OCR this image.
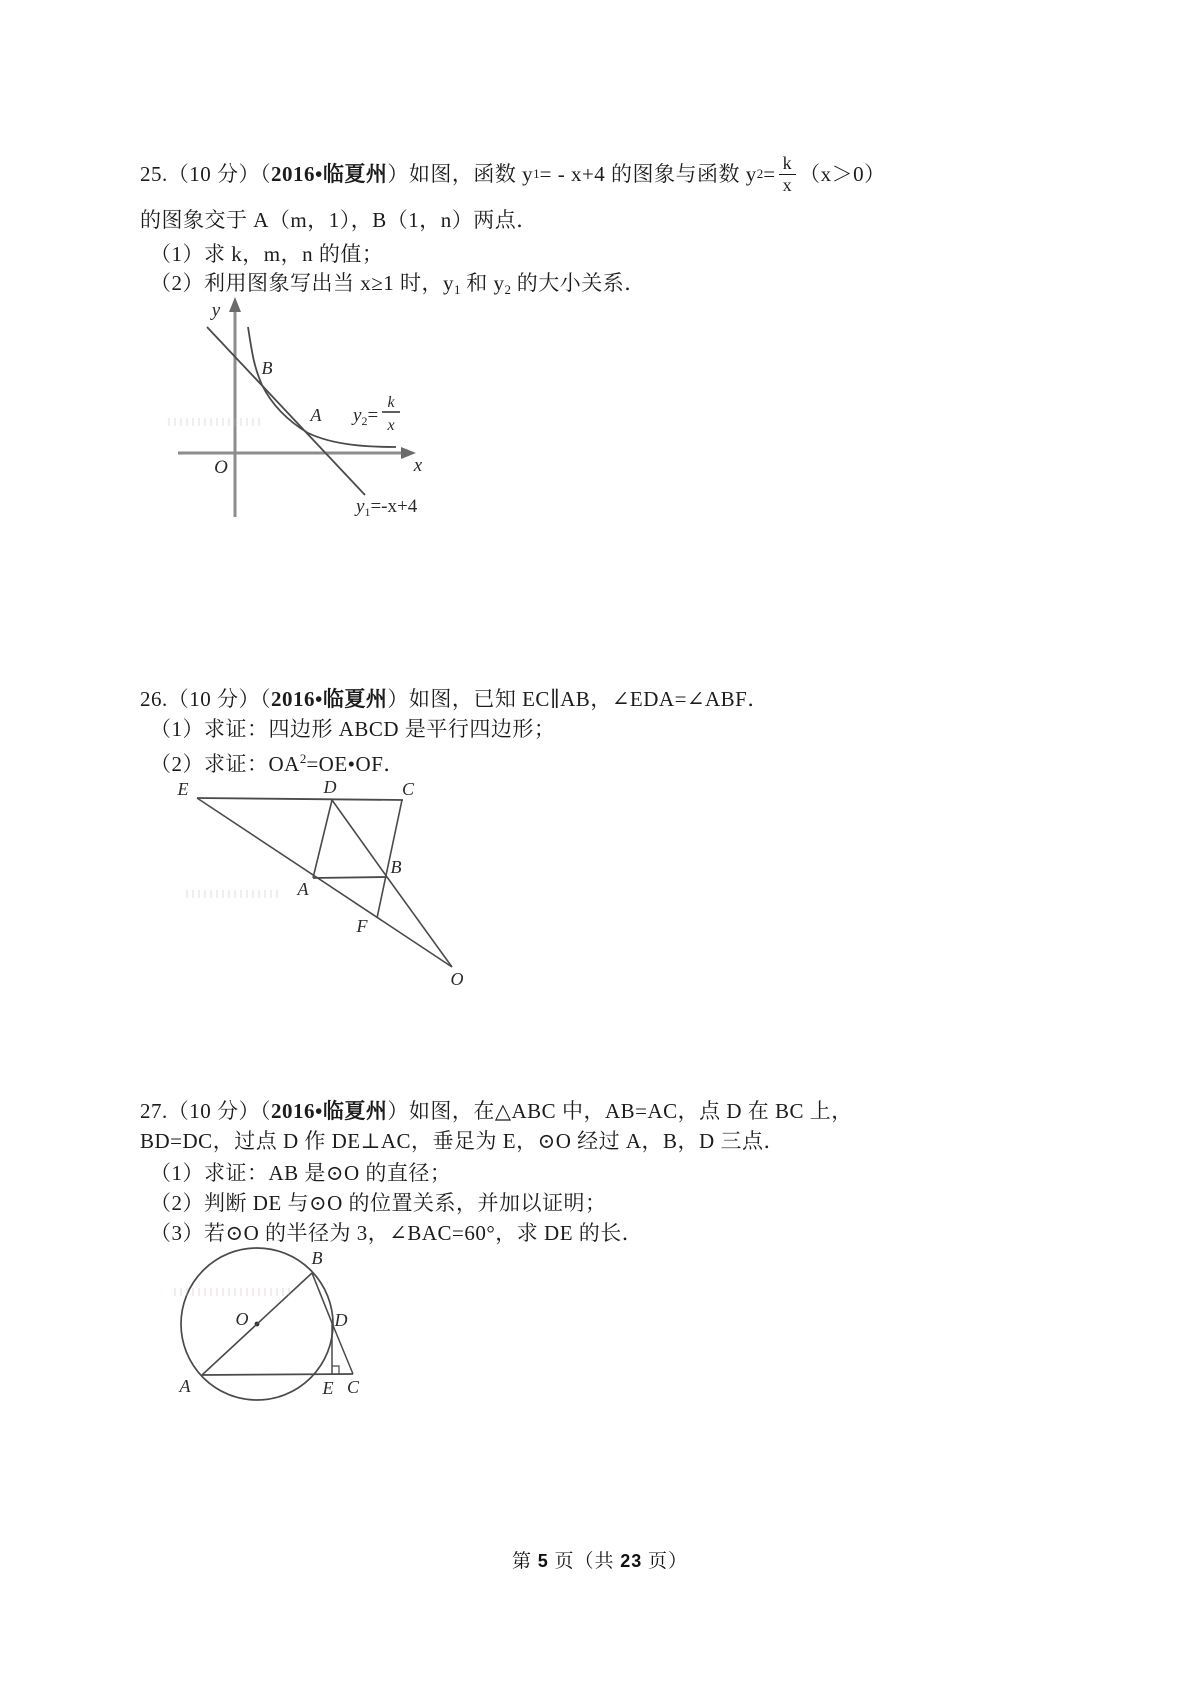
25.（10 分）（ 2016•临夏州 ）如图，函数 y 1 = - x+4 的图象与函数 y $2 = \frac{k}{x} (x>0)$
的图象交于 A（m，1），B（1，n）两点．
（1）求 k，m，n 的值；
（2）利用图象写出当 x≥1 时，$y_1$ 和 $y_2$ 的大小关系．
y
x
O
B
A $y_2=$
k
x
$y_1=-x+4$
26.（10 分）（2016•临夏州）如图，已知 EC∥AB，∠EDA=∠ABF．
（1）求证：四边形 ABCD 是平行四边形；
（2）求证：$OA^2=OE•OF$．
E	D	C
A
B
F
O
27.（10 分）（2016•临夏州）如图，在△ABC 中，AB=AC，点 D 在 BC 上，
BD=DC，过点 D 作 DE⊥AC，垂足为 E，⊙O 经过 A，B，D 三点．
（1）求证：AB 是⊙O 的直径；
（2）判断 DE 与⊙O 的位置关系，并加以证明；
（3）若⊙O 的半径为 3，∠BAC=60°，求 DE 的长．
O
B
D
A	E C
第 5 页（共 23 页）
